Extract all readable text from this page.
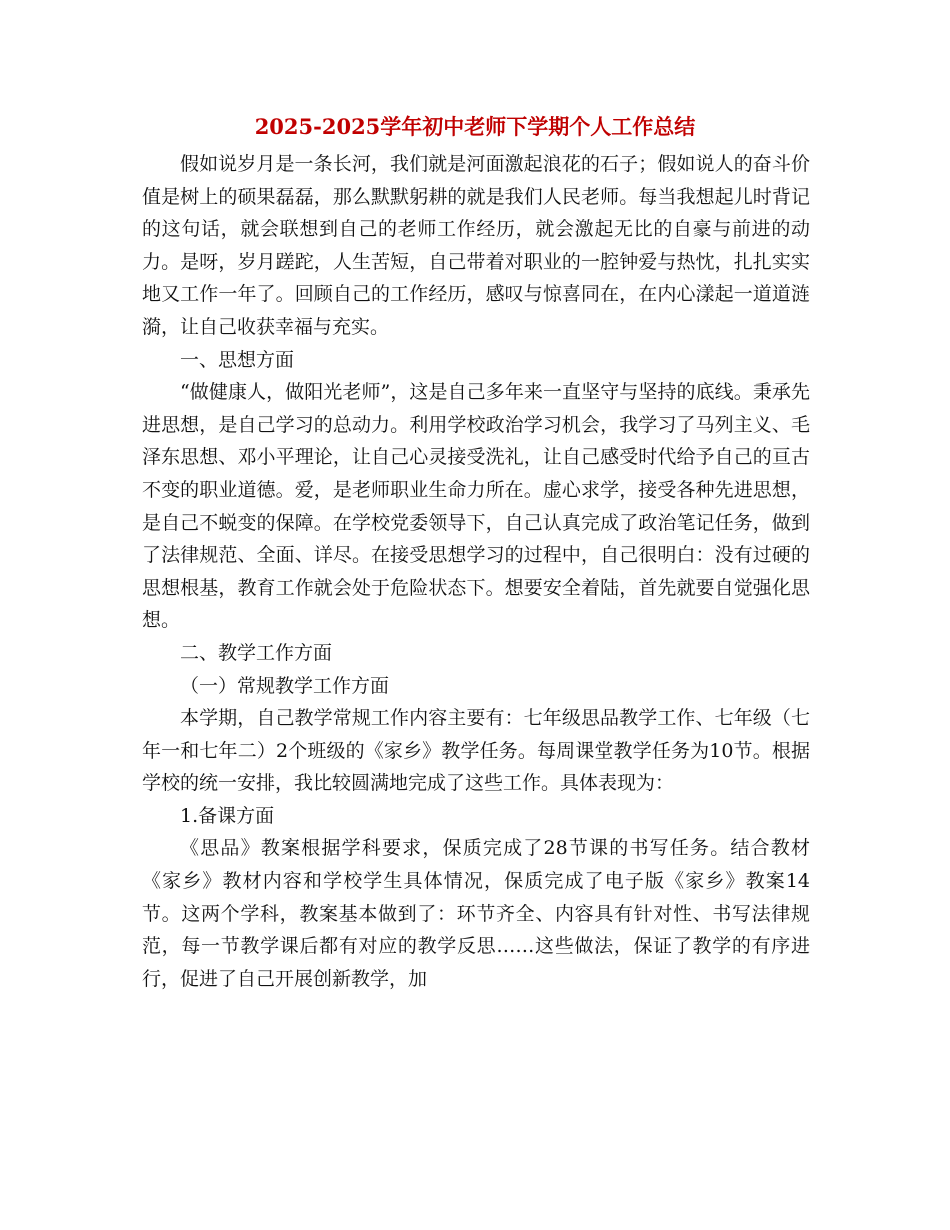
2025-2025学年初中老师下学期个人工作总结

假如说岁月是一条长河，我们就是河面激起浪花的石子；假如说人的奋斗价值是树上的硕果磊磊，那么默默躬耕的就是我们人民老师。每当我想起儿时背记的这句话，就会联想到自己的老师工作经历，就会激起无比的自豪与前进的动力。是呀，岁月蹉跎，人生苦短，自己带着对职业的一腔钟爱与热忱，扎扎实实地又工作一年了。回顾自己的工作经历，感叹与惊喜同在，在内心漾起一道道涟漪，让自己收获幸福与充实。

一、思想方面

“做健康人，做阳光老师”，这是自己多年来一直坚守与坚持的底线。秉承先进思想，是自己学习的总动力。利用学校政治学习机会，我学习了马列主义、毛泽东思想、邓小平理论，让自己心灵接受洗礼，让自己感受时代给予自己的亘古不变的职业道德。爱，是老师职业生命力所在。虚心求学，接受各种先进思想，是自己不蜕变的保障。在学校党委领导下，自己认真完成了政治笔记任务，做到了法律规范、全面、详尽。在接受思想学习的过程中，自己很明白：没有过硬的思想根基，教育工作就会处于危险状态下。想要安全着陆，首先就要自觉强化思想。

二、教学工作方面

（一）常规教学工作方面

本学期，自己教学常规工作内容主要有：七年级思品教学工作、七年级（七年一和七年二）2个班级的《家乡》教学任务。每周课堂教学任务为10节。根据学校的统一安排，我比较圆满地完成了这些工作。具体表现为：

1.备课方面

《思品》教案根据学科要求，保质完成了28节课的书写任务。结合教材《家乡》教材内容和学校学生具体情况，保质完成了电子版《家乡》教案14节。这两个学科，教案基本做到了：环节齐全、内容具有针对性、书写法律规范，每一节教学课后都有对应的教学反思……这些做法，保证了教学的有序进行，促进了自己开展创新教学，加
